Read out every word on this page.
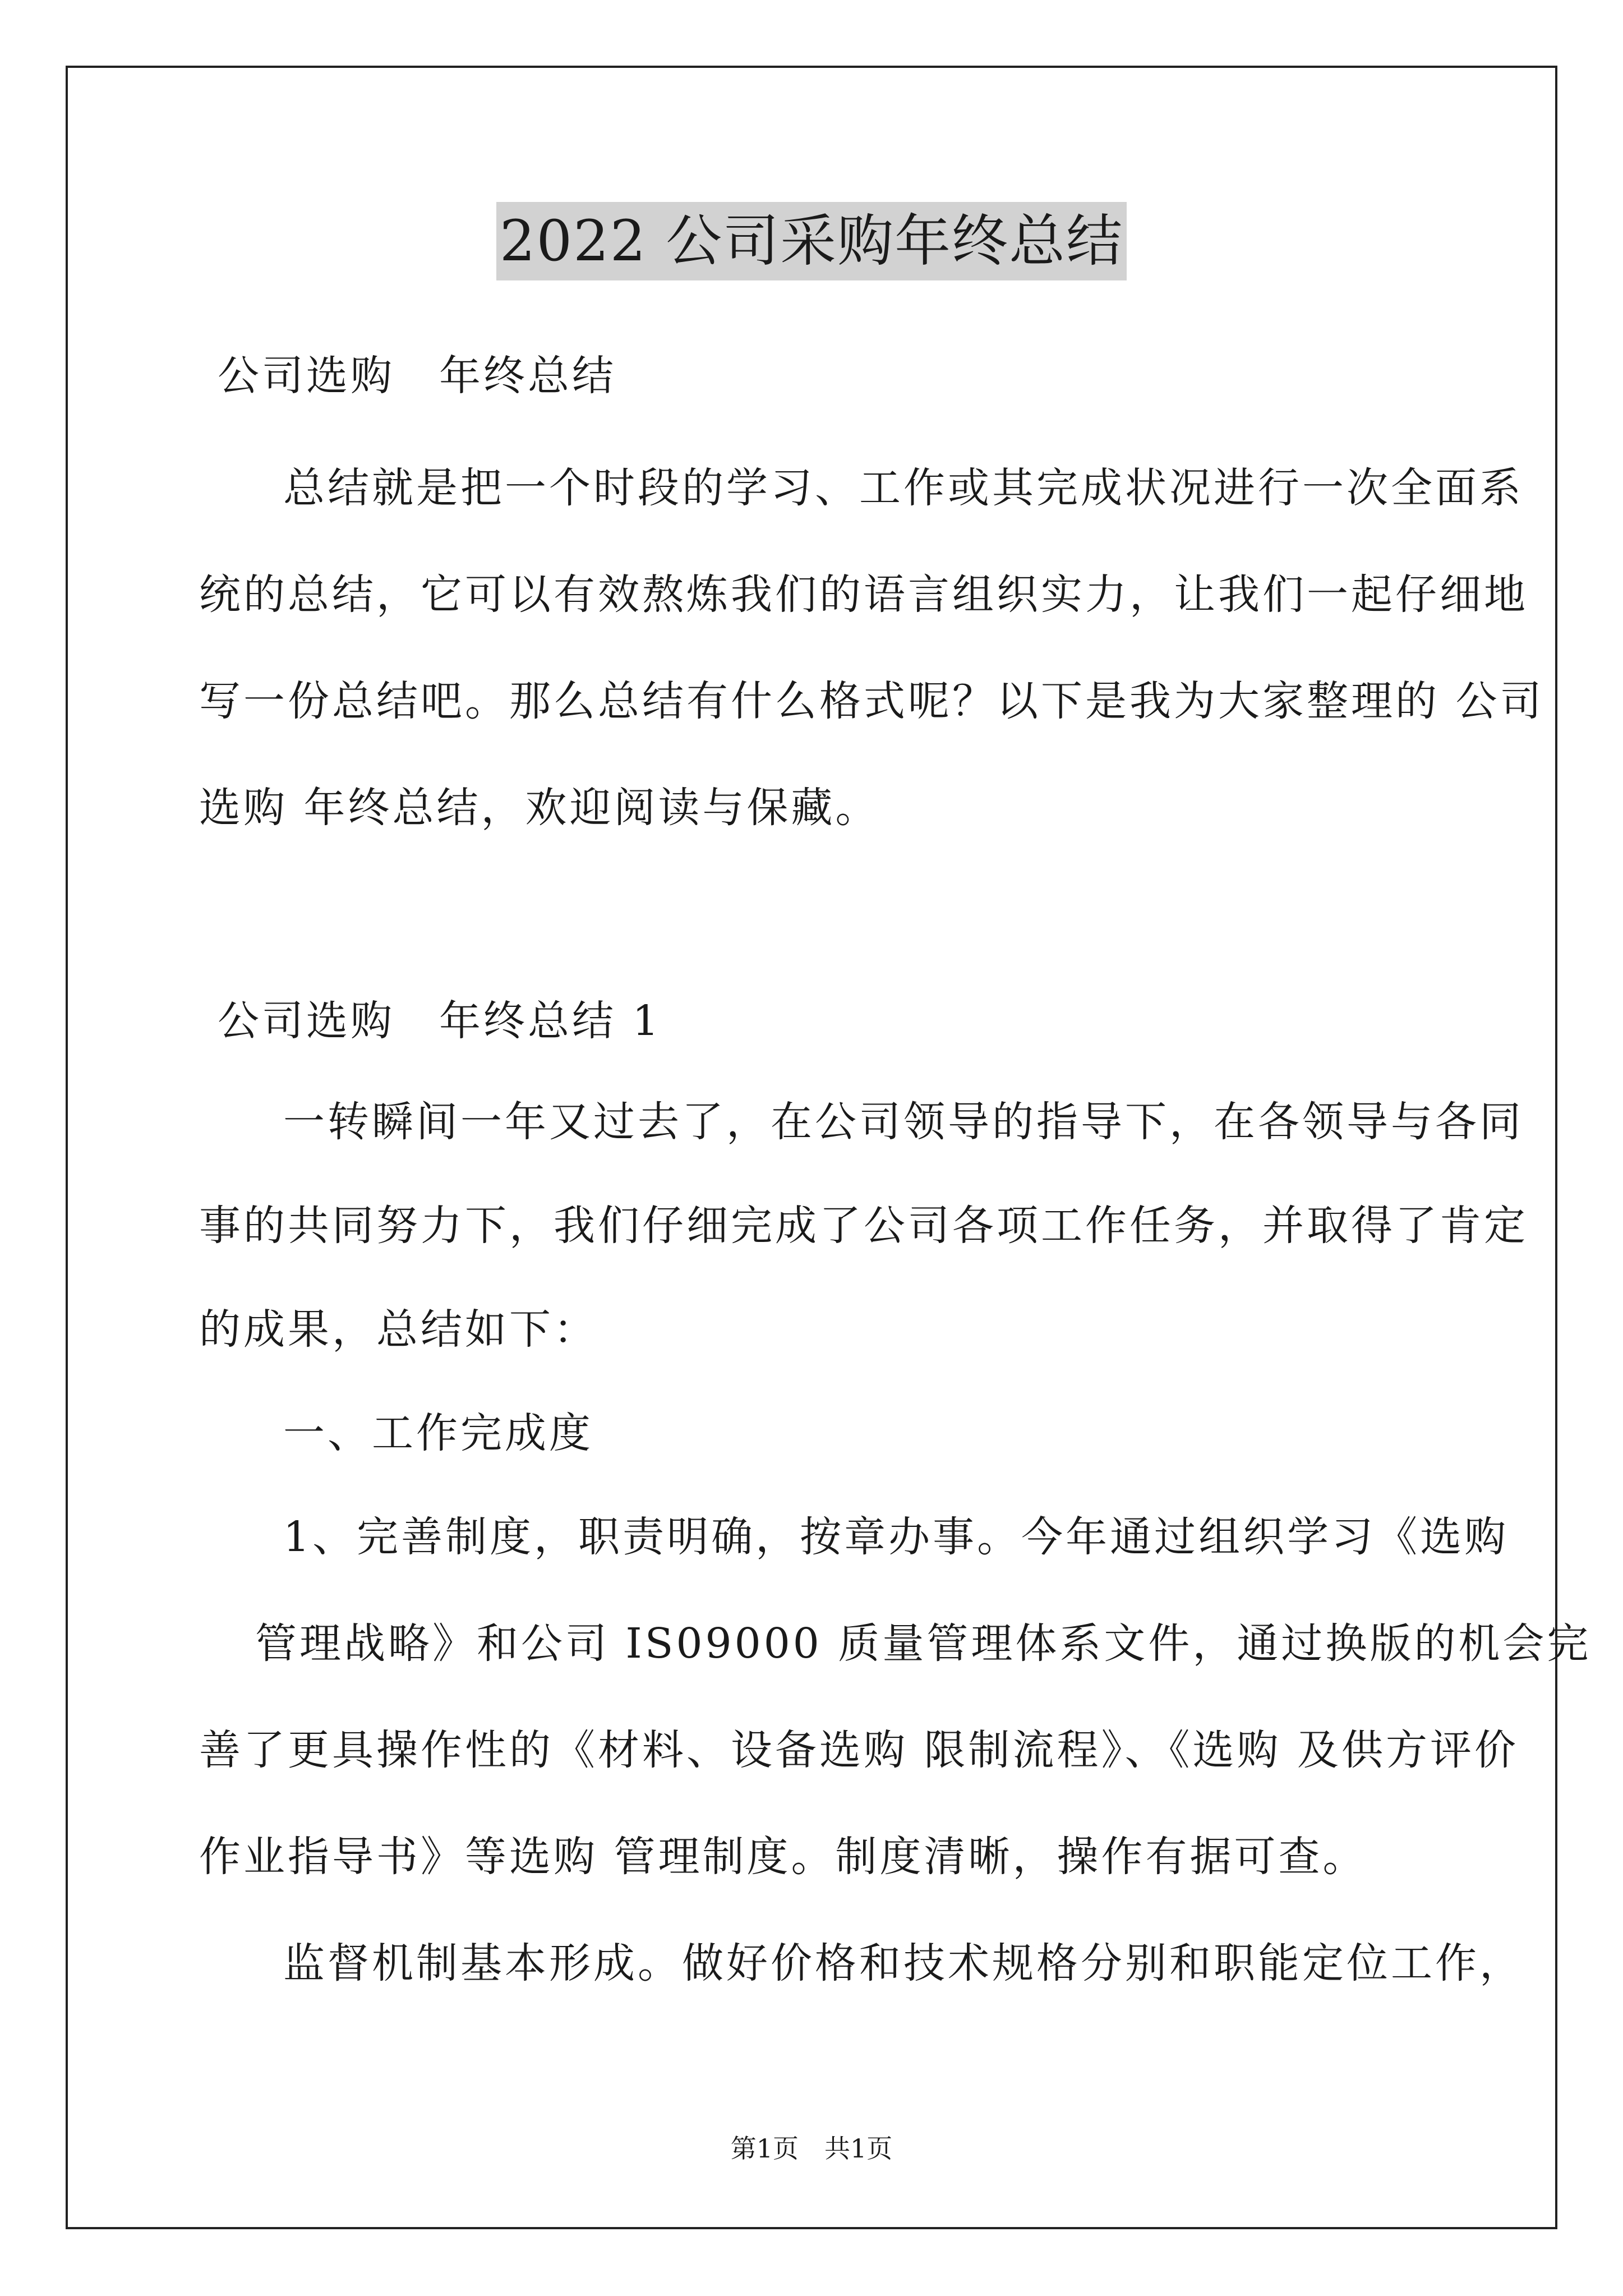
2022 公司采购年终总结
公司选购　年终总结
总结就是把一个时段的学习、工作或其完成状况进行一次全面系
统的总结，它可以有效熬炼我们的语言组织实力，让我们一起仔细地
写一份总结吧。那么总结有什么格式呢？以下是我为大家整理的 公司
选购 年终总结，欢迎阅读与保藏。
公司选购　年终总结 1
一转瞬间一年又过去了，在公司领导的指导下，在各领导与各同
事的共同努力下，我们仔细完成了公司各项工作任务，并取得了肯定
的成果，总结如下：
一、工作完成度
1、完善制度，职责明确，按章办事。今年通过组织学习《选购
管理战略》和公司 IS09000 质量管理体系文件，通过换版的机会完
善了更具操作性的《材料、设备选购 限制流程》、《选购 及供方评价
作业指导书》等选购 管理制度。制度清晰，操作有据可查。
监督机制基本形成。做好价格和技术规格分别和职能定位工作，
第1页　共1页
